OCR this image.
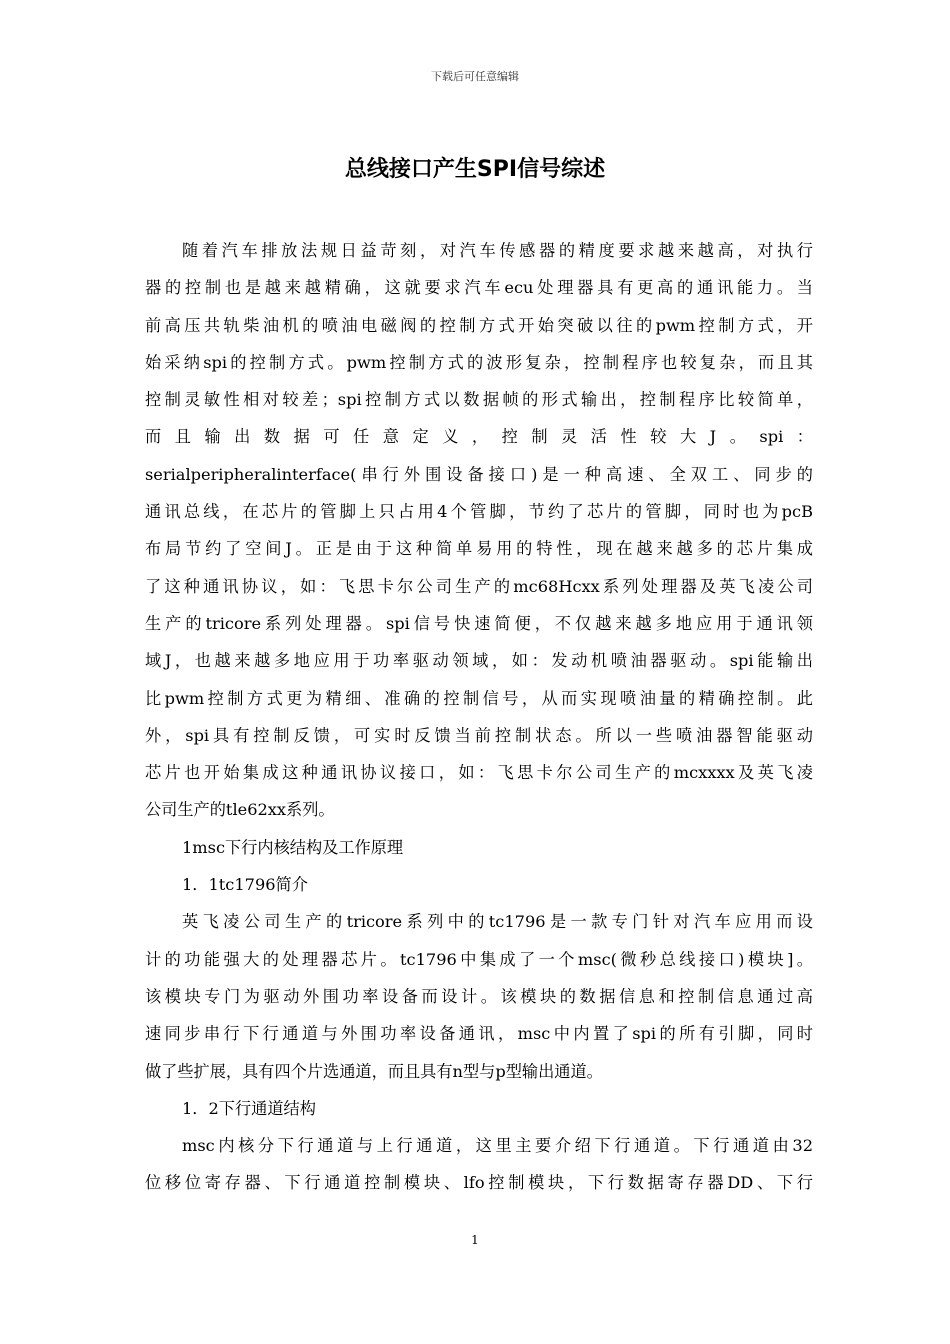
下载后可任意编辑
总线接口产生SPI信号综述
随着汽车排放法规日益苛刻，对汽车传感器的精度要求越来越高，对执行
器的控制也是越来越精确，这就要求汽车ecu处理器具有更高的通讯能力。当
前高压共轨柴油机的喷油电磁阀的控制方式开始突破以往的pwm控制方式，开
始采纳spi的控制方式。pwm控制方式的波形复杂，控制程序也较复杂，而且其
控制灵敏性相对较差；spi控制方式以数据帧的形式输出，控制程序比较简单，
而且输出数据可任意定义，控制灵活性较大J。spi：
serialperipheralinterface(串行外围设备接口)是一种高速、全双工、同步的
通讯总线，在芯片的管脚上只占用4个管脚，节约了芯片的管脚，同时也为pcB
布局节约了空间J。正是由于这种简单易用的特性，现在越来越多的芯片集成
了这种通讯协议，如：飞思卡尔公司生产的mc68Hcxx系列处理器及英飞凌公司
生产的tricore系列处理器。spi信号快速简便，不仅越来越多地应用于通讯领
域J，也越来越多地应用于功率驱动领域，如：发动机喷油器驱动。spi能输出
比pwm控制方式更为精细、准确的控制信号，从而实现喷油量的精确控制。此
外，spi具有控制反馈，可实时反馈当前控制状态。所以一些喷油器智能驱动
芯片也开始集成这种通讯协议接口，如：飞思卡尔公司生产的mcxxxx及英飞凌
公司生产的tle62xx系列。
1msc下行内核结构及工作原理
1．1tc1796简介
英飞凌公司生产的tricore系列中的tc1796是一款专门针对汽车应用而设
计的功能强大的处理器芯片。tc1796中集成了一个msc(微秒总线接口)模块]。
该模块专门为驱动外围功率设备而设计。该模块的数据信息和控制信息通过高
速同步串行下行通道与外围功率设备通讯，msc中内置了spi的所有引脚，同时
做了些扩展，具有四个片选通道，而且具有n型与p型输出通道。
1．2下行通道结构
msc内核分下行通道与上行通道，这里主要介绍下行通道。下行通道由32
位移位寄存器、下行通道控制模块、lfo控制模块，下行数据寄存器DD、下行
1
